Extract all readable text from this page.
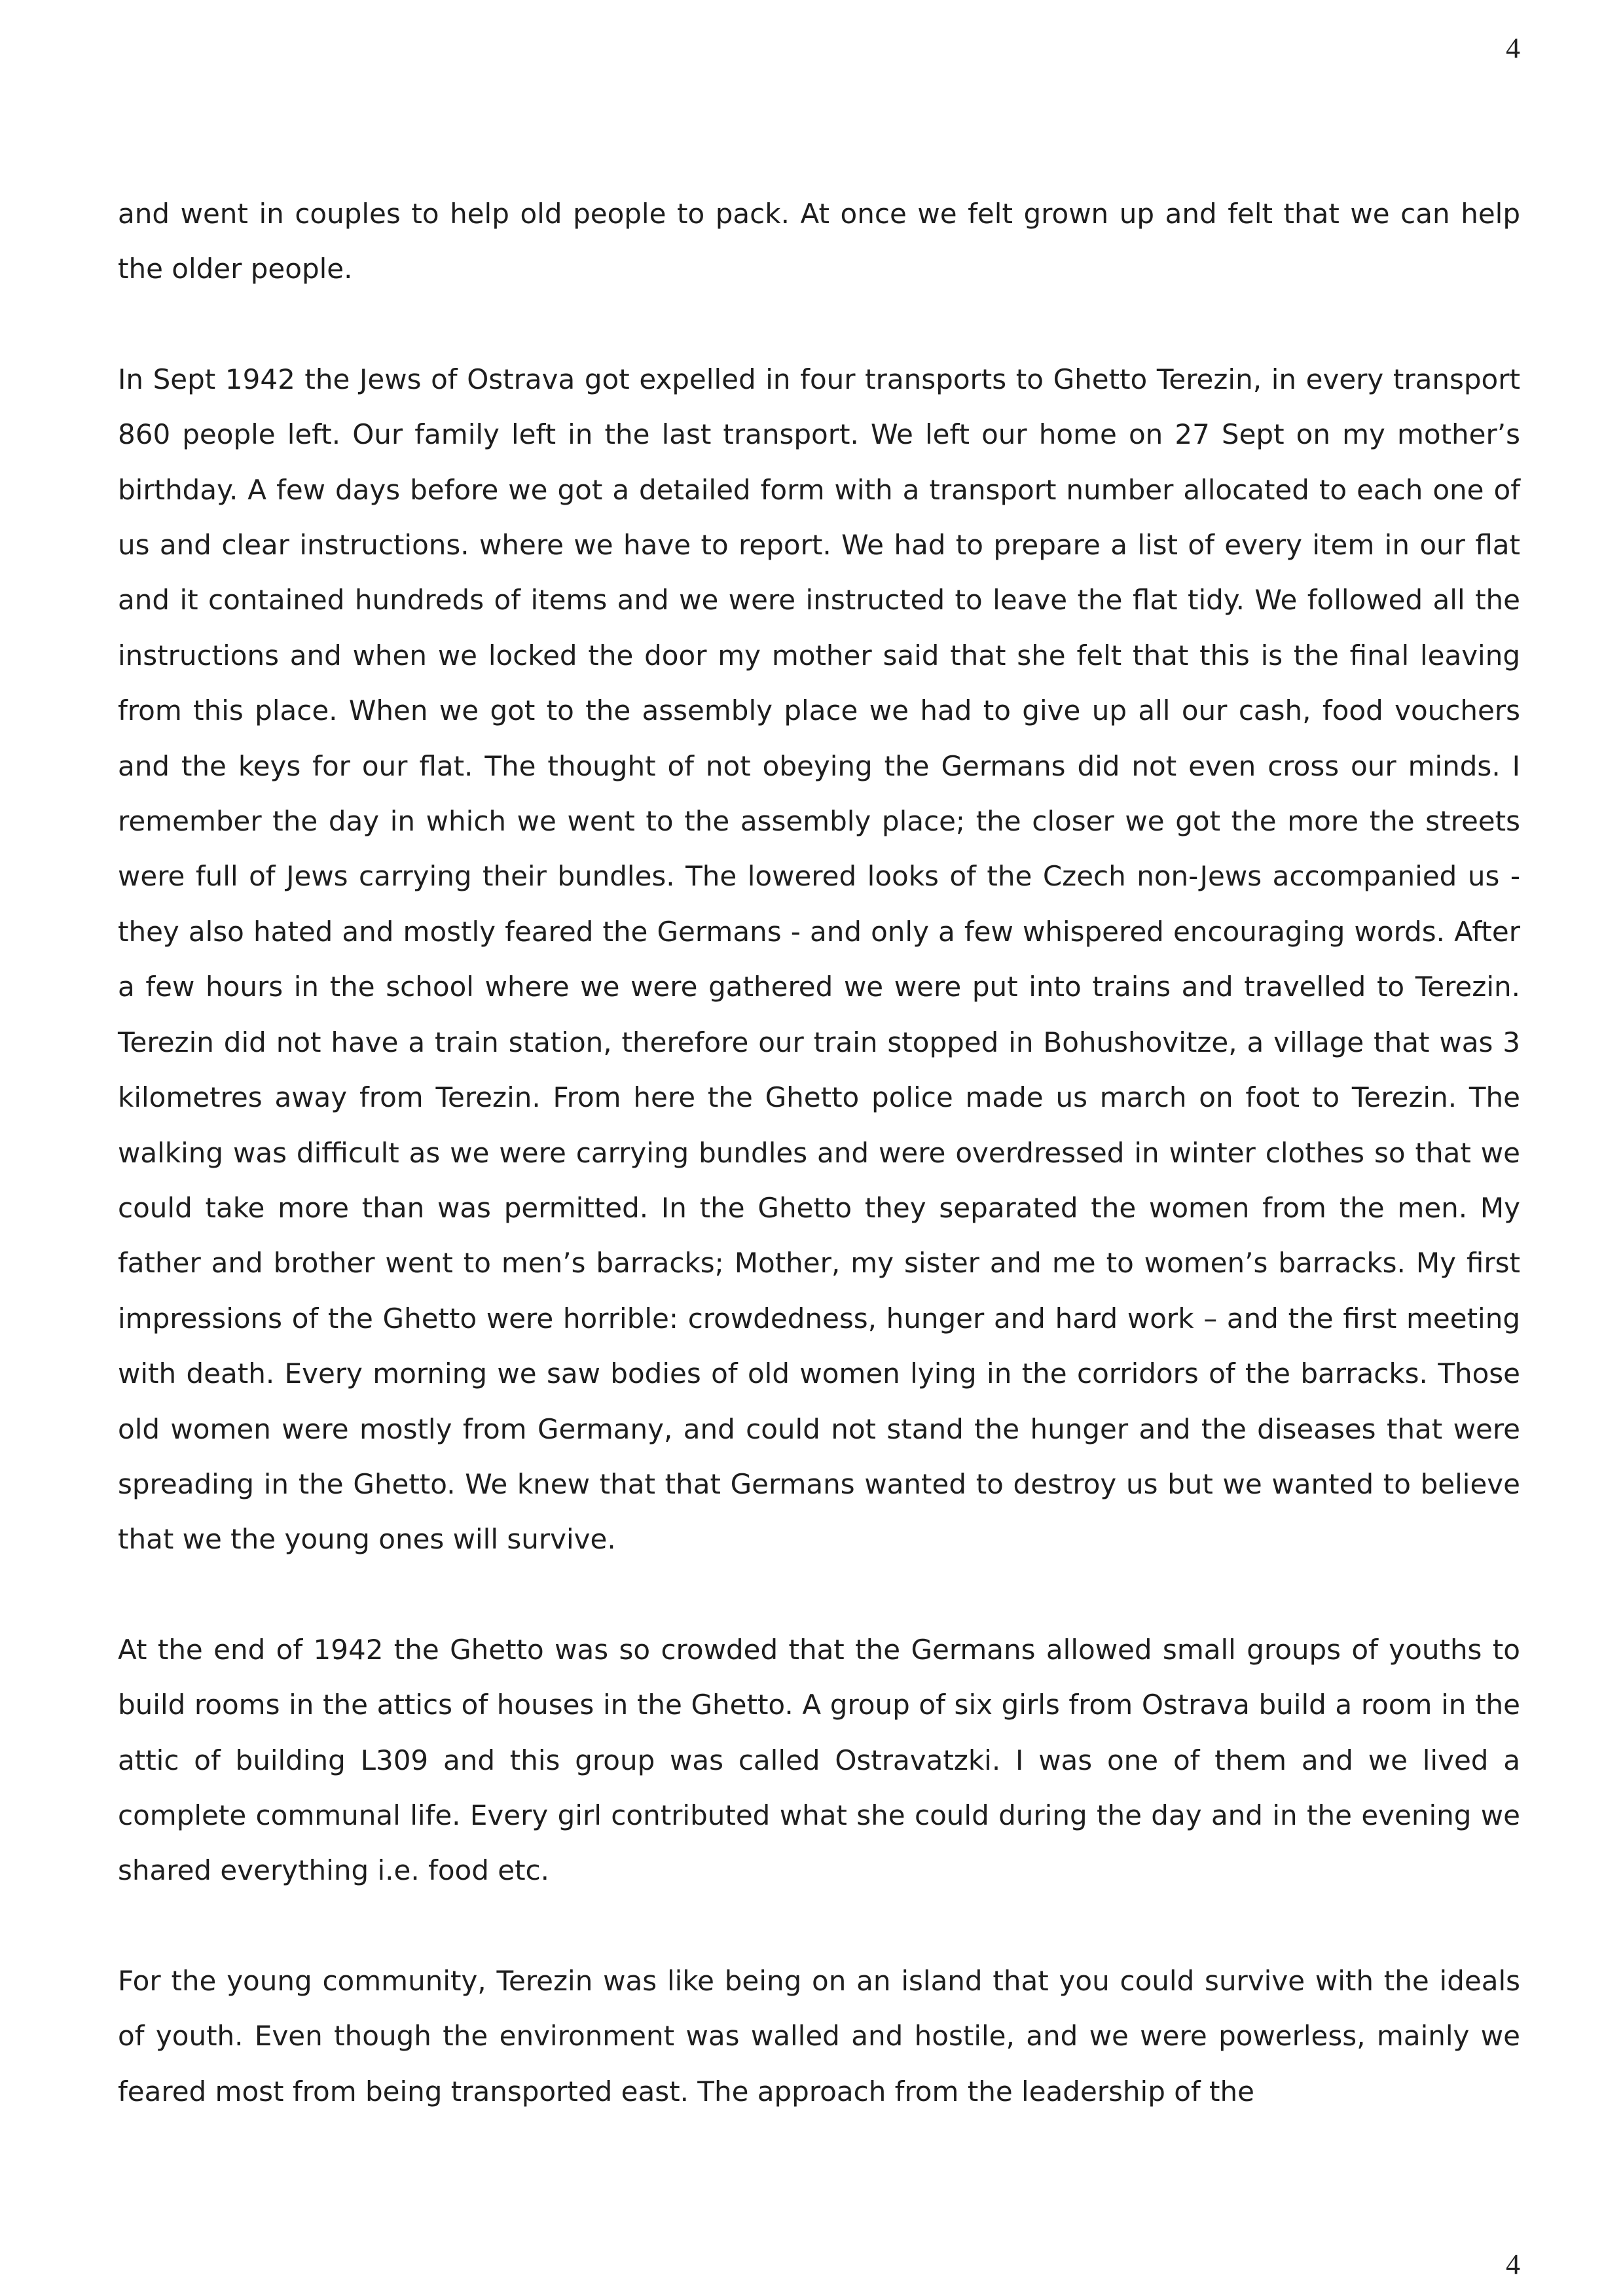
4

and went in couples to help old people to pack. At once we felt grown up and felt that we can help the older people.

In Sept 1942 the Jews of Ostrava got expelled in four transports to Ghetto Terezin, in every transport 860 people left. Our family left in the last transport. We left our home on 27 Sept on my mother’s birthday. A few days before we got a detailed form with a transport number allocated to each one of us and clear instructions. where we have to report. We had to prepare a list of every item in our flat and it contained hundreds of items and we were instructed to leave the flat tidy. We followed all the instructions and when we locked the door my mother said that she felt that this is the final leaving from this place. When we got to the assembly place we had to give up all our cash, food vouchers and the keys for our flat. The thought of not obeying the Germans did not even cross our minds. I remember the day in which we went to the assembly place; the closer we got the more the streets were full of Jews carrying their bundles. The lowered looks of the Czech non-Jews accompanied us - they also hated and mostly feared the Germans - and only a few whispered encouraging words. After a few hours in the school where we were gathered we were put into trains and travelled to Terezin. Terezin did not have a train station, therefore our train stopped in Bohushovitze, a village that was 3 kilometres away from Terezin. From here the Ghetto police made us march on foot to Terezin. The walking was difficult as we were carrying bundles and were overdressed in winter clothes so that we could take more than was permitted. In the Ghetto they separated the women from the men. My father and brother went to men’s barracks; Mother, my sister and me to women’s barracks. My first impressions of the Ghetto were horrible: crowdedness, hunger and hard work – and the first meeting with death. Every morning we saw bodies of old women lying in the corridors of the barracks. Those old women were mostly from Germany, and could not stand the hunger and the diseases that were spreading in the Ghetto. We knew that that Germans wanted to destroy us but we wanted to believe that we the young ones will survive.

At the end of 1942 the Ghetto was so crowded that the Germans allowed small groups of youths to build rooms in the attics of houses in the Ghetto. A group of six girls from Ostrava build a room in the attic of building L309 and this group was called Ostravatzki. I was one of them and we lived a complete communal life. Every girl contributed what she could during the day and in the evening we shared everything i.e. food etc.

For the young community, Terezin was like being on an island that you could survive with the ideals of youth. Even though the environment was walled and hostile, and we were powerless, mainly we feared most from being transported east. The approach from the leadership of the

4
